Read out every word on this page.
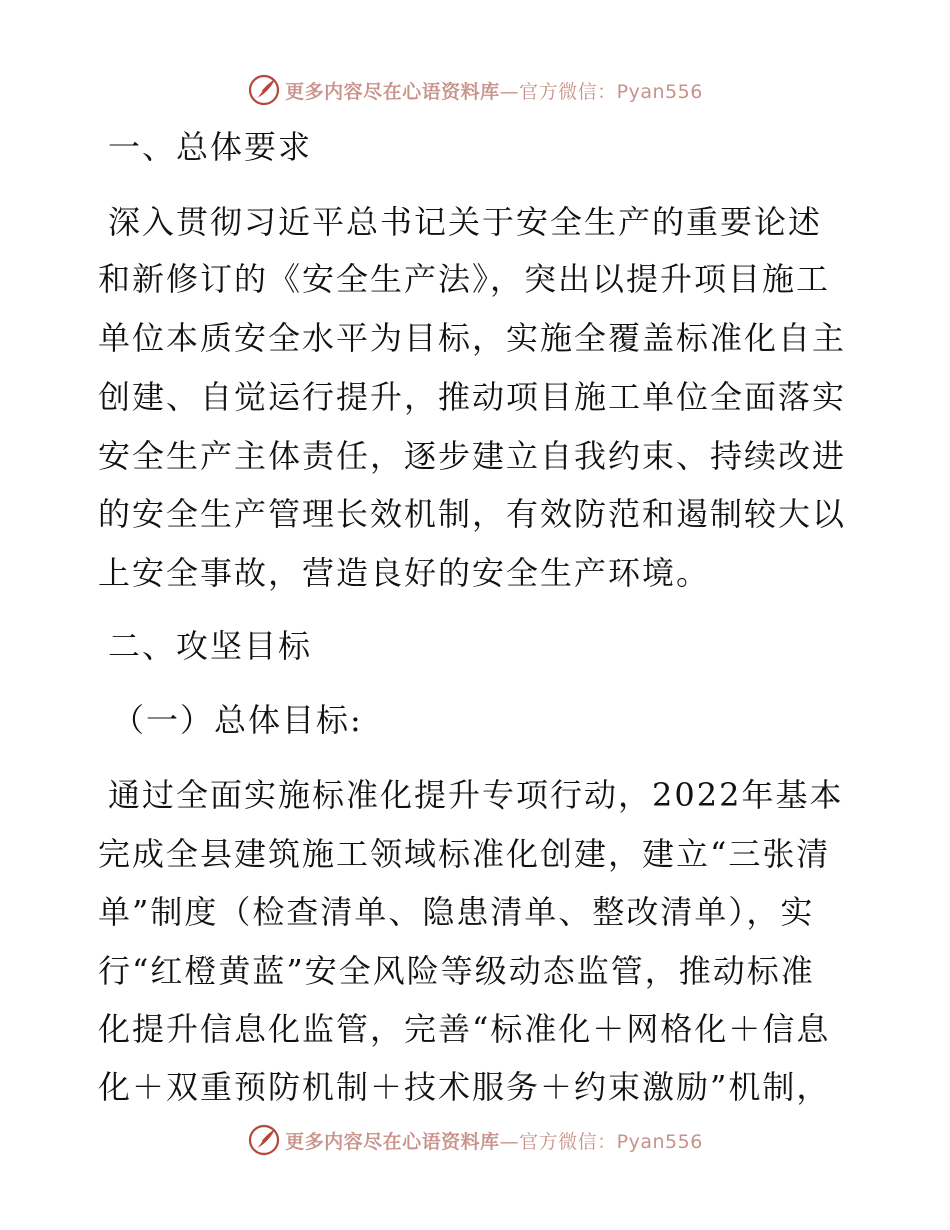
更多内容尽在心语资料库—官方微信：Pyan556
一、总体要求
深入贯彻习近平总书记关于安全生产的重要论述
和新修订的《安全生产法》，突出以提升项目施工
单位本质安全水平为目标，实施全覆盖标准化自主
创建、自觉运行提升，推动项目施工单位全面落实
安全生产主体责任，逐步建立自我约束、持续改进
的安全生产管理长效机制，有效防范和遏制较大以
上安全事故，营造良好的安全生产环境。
二、攻坚目标
（一）总体目标:
通过全面实施标准化提升专项行动，2022年基本
完成全县建筑施工领域标准化创建，建立“三张清
单”制度（检查清单、隐患清单、整改清单），实
行“红橙黄蓝”安全风险等级动态监管，推动标准
化提升信息化监管，完善“标准化＋网格化＋信息
化＋双重预防机制＋技术服务＋约束激励”机制，
更多内容尽在心语资料库—官方微信：Pyan556
